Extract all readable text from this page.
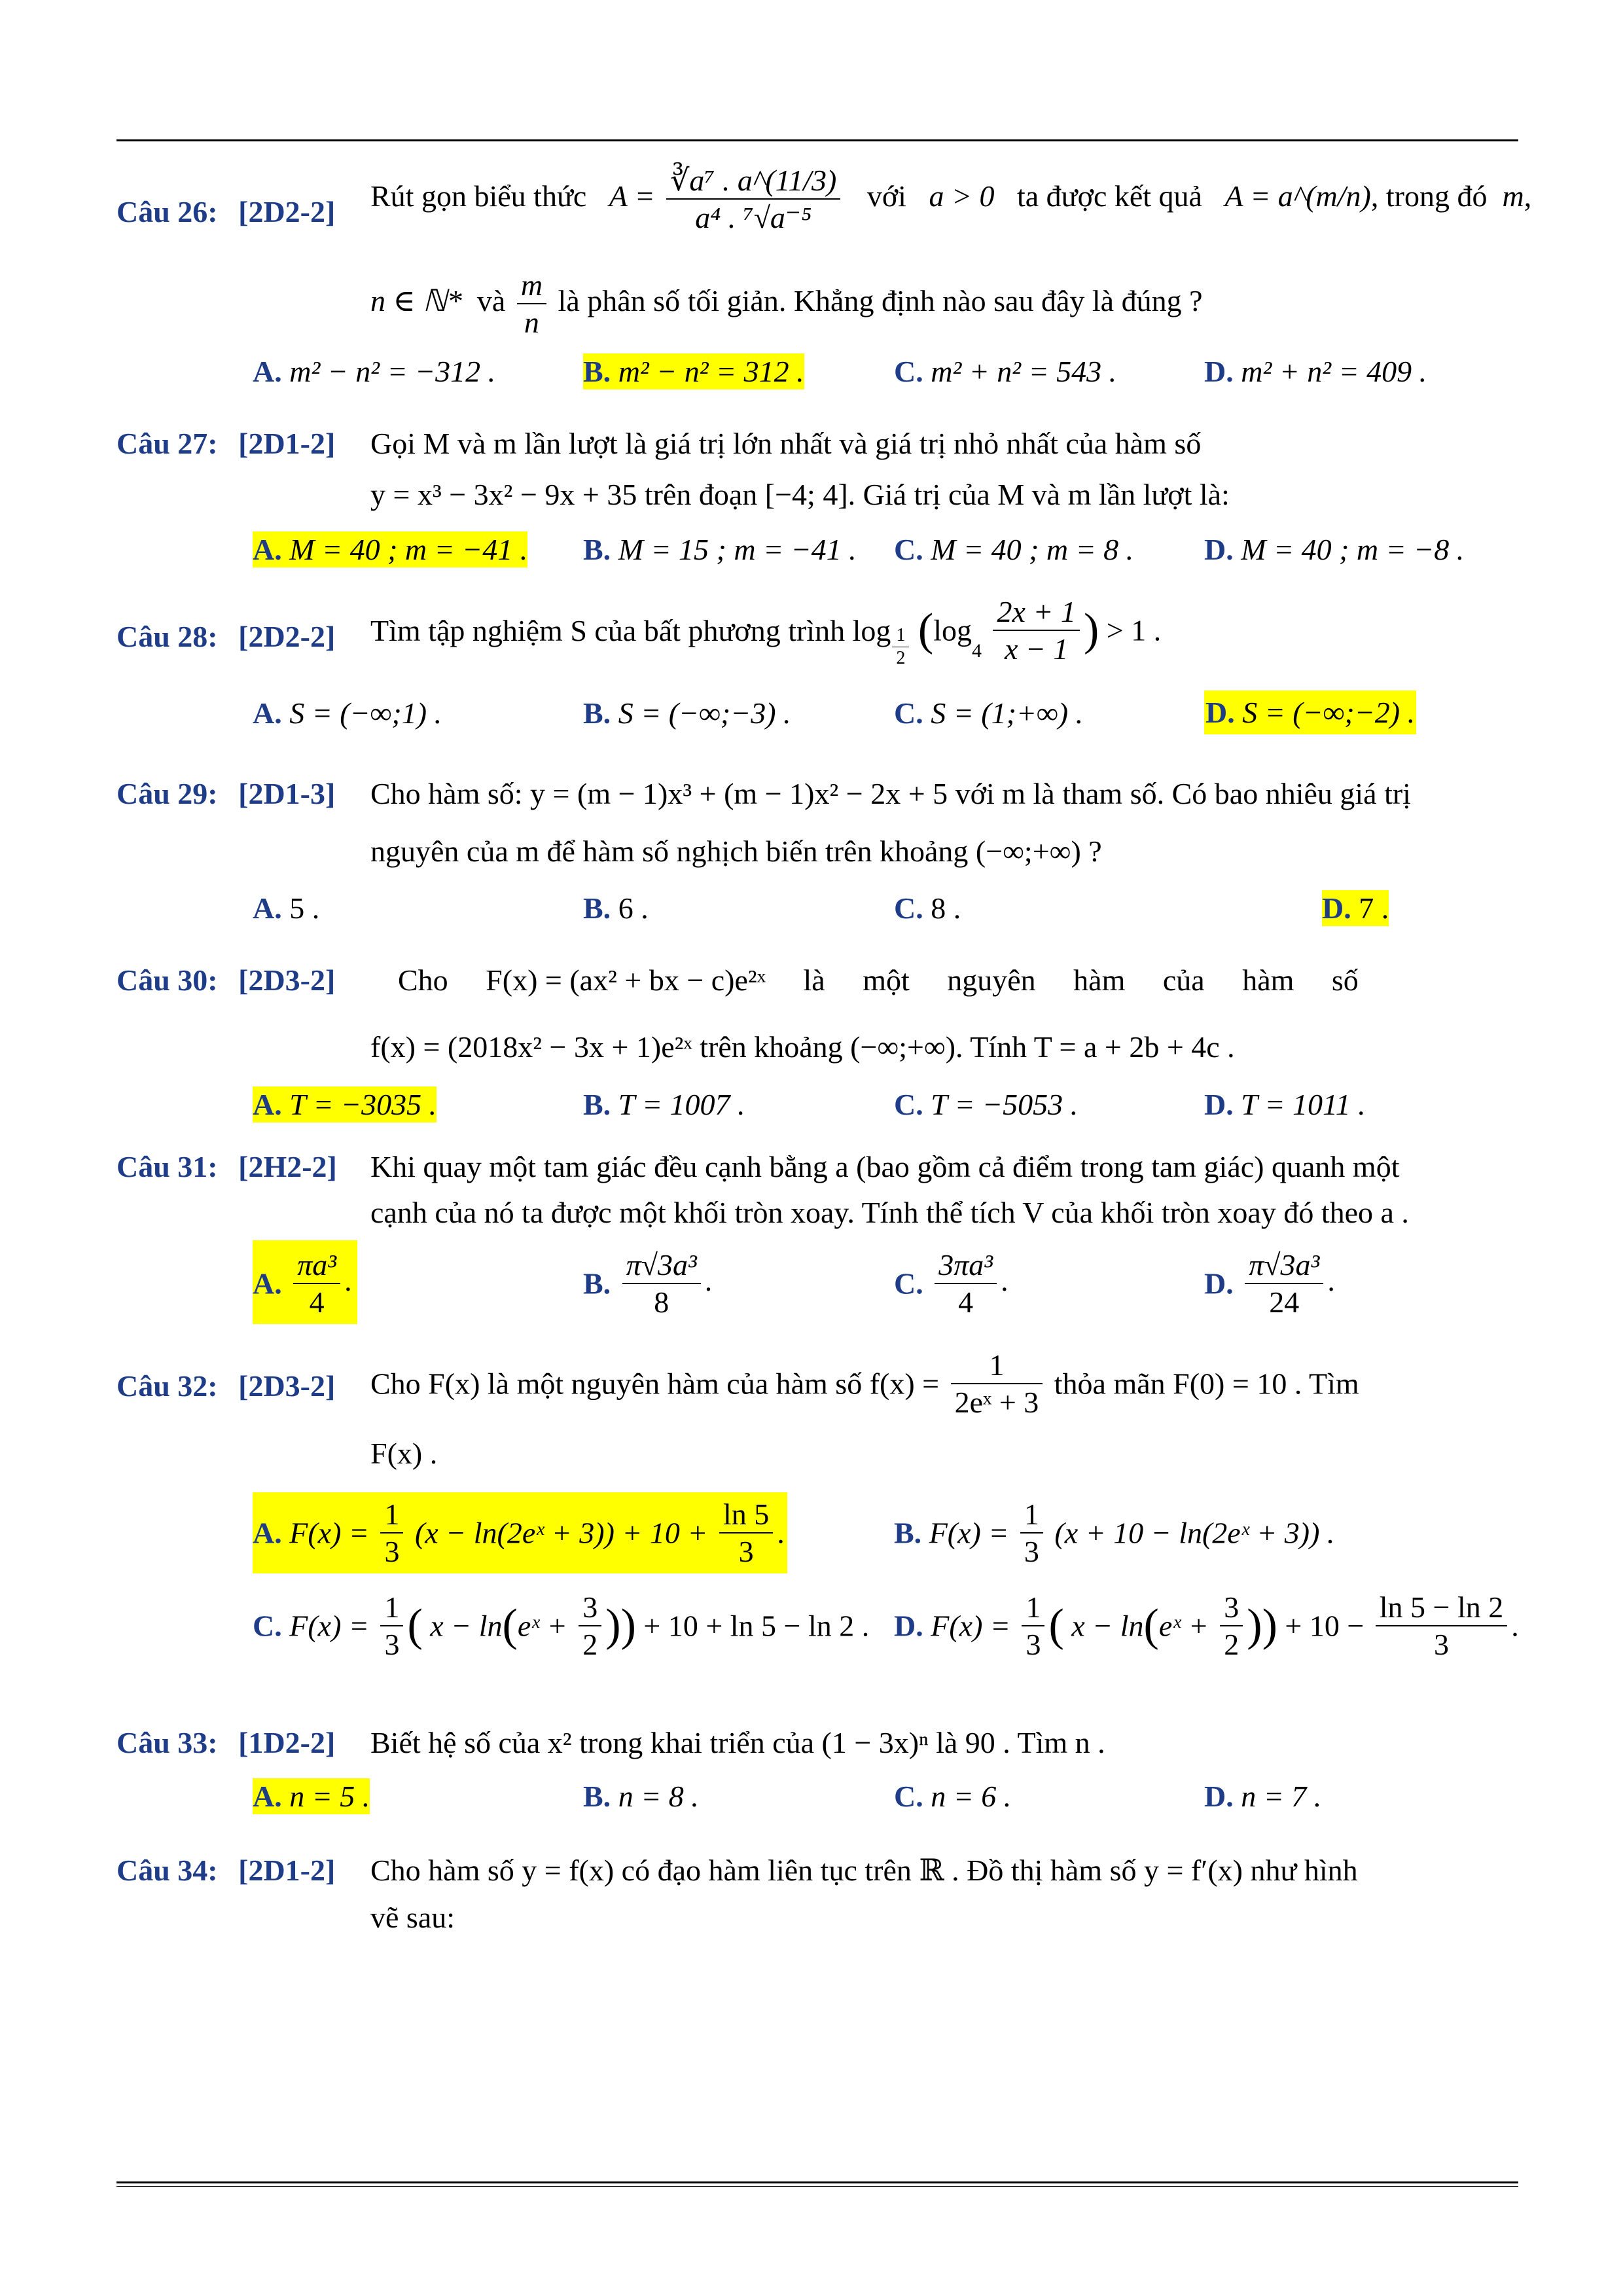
Câu 26: [2D2-2] Rút gọn biểu thức $A = \frac{\text{∛a⁷ . a\textasciicircum{}(11/3)}}{\text{a⁴ . ⁷√a⁻⁵}}$ với a > 0 ta được kết quả A = a^(m/n), trong đó m,
n ∈ ℕ* và $\frac{m}{n}$ là phân số tối giản. Khẳng định nào sau đây là đúng ?
A. m² − n² = −312 .	B. m² − n² = 312 .	C. m² + n² = 543 .	D. m² + n² = 409 .
Câu 27: [2D1-2] Gọi M và m lần lượt là giá trị lớn nhất và giá trị nhỏ nhất của hàm số
y = x³ − 3x² − 9x + 35 trên đoạn [−4; 4]. Giá trị của M và m lần lượt là:
A. M = 40 ; m = −41 . B. M = 15 ; m = −41 . C. M = 40 ; m = 8 . D. M = 40 ; m = −8 .
Câu 28: [2D2-2] Tìm tập nghiệm S của bất phương trình $\log \frac{1}{2} (\log_4 \frac{2x + 1}{x - 1}$ ) > 1 .
A. S = (−∞;1) .	B. S = (−∞;−3) .	C. S = (1;+∞) .	D. S = (−∞;−2) .
Câu 29: [2D1-3] Cho hàm số: y = (m − 1)x³ + (m − 1)x² − 2x + 5 với m là tham số. Có bao nhiêu giá trị
nguyên của m để hàm số nghịch biến trên khoảng (−∞;+∞) ?
A. 5 .	B. 6 .	C. 8 .	D. 7 .
Câu 30: [2D3-2] Cho     F(x) = (ax² + bx − c)e²ˣ     là     một     nguyên     hàm     của     hàm     số
f(x) = (2018x² − 3x + 1)e²ˣ trên khoảng (−∞;+∞). Tính T = a + 2b + 4c .
A. T = −3035 .	B. T = 1007 .	C. T = −5053 .	D. T = 1011 .
Câu 31: [2H2-2] Khi quay một tam giác đều cạnh bằng a (bao gồm cả điểm trong tam giác) quanh một
cạnh của nó ta được một khối tròn xoay. Tính thể tích V của khối tròn xoay đó theo a .
A. $\frac{\text{πa³}}{4}$ .	B. $\frac{\text{π√3a³}}{8}$ .	C. $\frac{\text{3πa³}}{4}$ .	D. $\frac{\text{π√3a³}}{24}$ .
Câu 32: [2D3-2] Cho F(x) là một nguyên hàm của hàm số $f(x) = \frac{1}{\text{2eˣ + 3}}$ thỏa mãn F(0) = 10 . Tìm
F(x) .
A. $F(x) = \frac{1}{3} (x$ − ln(2eˣ + $3)) + 10 + \frac{\ln 5}{3}$ .	B. $F(x) = \frac{1}{3} (x + 10$ − ln(2eˣ + 3)) .
C. $F(x) = \frac{1}{3}$ ( x − ln(eˣ + $\frac{3}{2}$ )) + 10 + ln 5 − ln 2 . D. $F(x) = \frac{1}{3}$ ( x − ln(eˣ + $\frac{3}{2}$ )) + $10 - \frac{\ln 5 - \ln 2}{3}$ .
Câu 33: [1D2-2] Biết hệ số của x² trong khai triển của (1 − 3x)ⁿ là 90 . Tìm n .
A. n = 5 .	B. n = 8 .	C. n = 6 .	D. n = 7 .
Câu 34: [2D1-2] Cho hàm số y = f(x) có đạo hàm liên tục trên ℝ . Đồ thị hàm số y = f′(x) như hình
vẽ sau:
